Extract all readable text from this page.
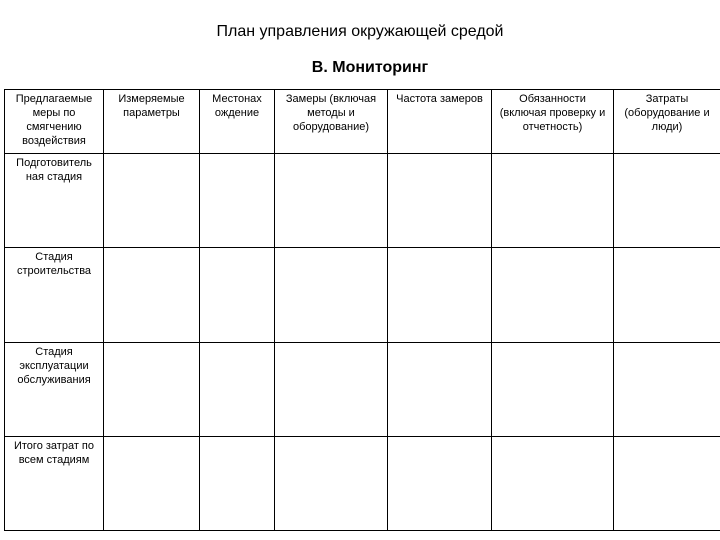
План управления окружающей средой
В. Мониторинг
Предлагаемые меры по смягчению воздействия	Измеряемые параметры	Местонах ождение	Замеры (включая методы и оборудование)	Частота замеров	Обязанности (включая проверку и отчетность)	Затраты (оборудование и люди)
Подготовитель ная стадия						
Стадия строительства						
Стадия эксплуатации обслуживания						
Итого затрат по всем стадиям						
